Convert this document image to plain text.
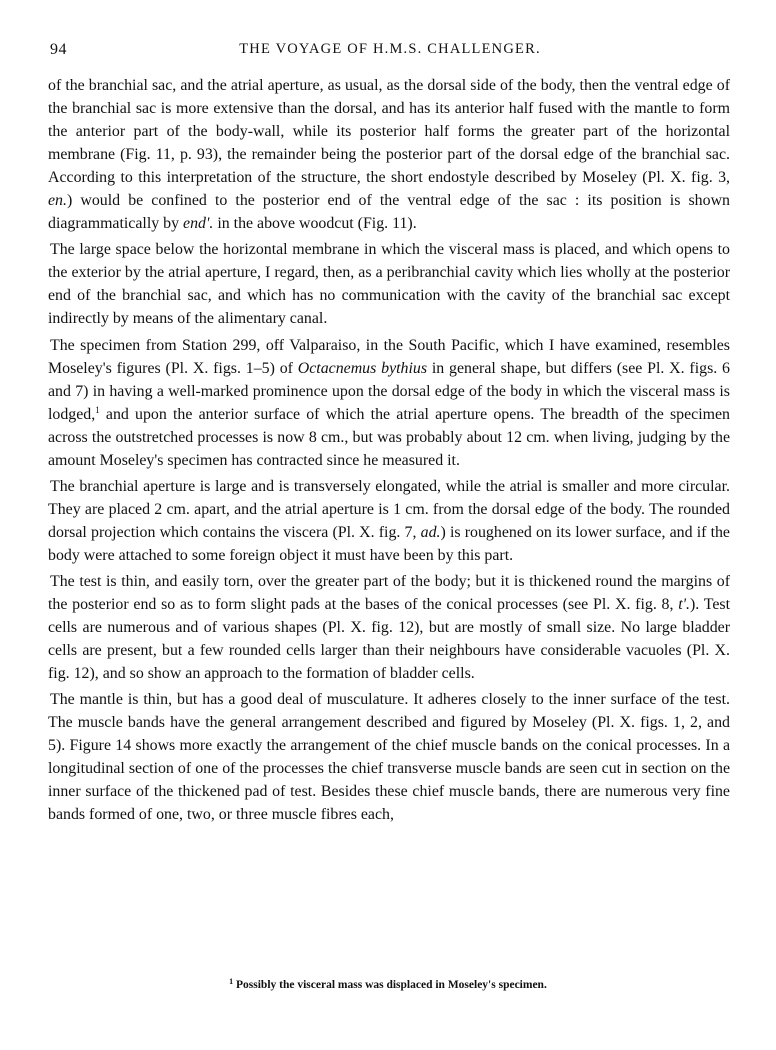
94	THE VOYAGE OF H.M.S. CHALLENGER.

of the branchial sac, and the atrial aperture, as usual, as the dorsal side of the body, then the ventral edge of the branchial sac is more extensive than the dorsal, and has its anterior half fused with the mantle to form the anterior part of the body-wall, while its posterior half forms the greater part of the horizontal membrane (Fig. 11, p. 93), the remainder being the posterior part of the dorsal edge of the branchial sac. According to this interpretation of the structure, the short endostyle described by Moseley (Pl. X. fig. 3, en.) would be confined to the posterior end of the ventral edge of the sac : its position is shown diagrammatically by end'. in the above woodcut (Fig. 11).

The large space below the horizontal membrane in which the visceral mass is placed, and which opens to the exterior by the atrial aperture, I regard, then, as a peribranchial cavity which lies wholly at the posterior end of the branchial sac, and which has no communication with the cavity of the branchial sac except indirectly by means of the alimentary canal.

The specimen from Station 299, off Valparaiso, in the South Pacific, which I have examined, resembles Moseley's figures (Pl. X. figs. 1–5) of Octacnemus bythius in general shape, but differs (see Pl. X. figs. 6 and 7) in having a well-marked prominence upon the dorsal edge of the body in which the visceral mass is lodged,$^1$ and upon the anterior surface of which the atrial aperture opens. The breadth of the specimen across the outstretched processes is now 8 cm., but was probably about 12 cm. when living, judging by the amount Moseley's specimen has contracted since he measured it.

The branchial aperture is large and is transversely elongated, while the atrial is smaller and more circular. They are placed 2 cm. apart, and the atrial aperture is 1 cm. from the dorsal edge of the body. The rounded dorsal projection which contains the viscera (Pl. X. fig. 7, ad.) is roughened on its lower surface, and if the body were attached to some foreign object it must have been by this part.

The test is thin, and easily torn, over the greater part of the body; but it is thickened round the margins of the posterior end so as to form slight pads at the bases of the conical processes (see Pl. X. fig. 8, t'.). Test cells are numerous and of various shapes (Pl. X. fig. 12), but are mostly of small size. No large bladder cells are present, but a few rounded cells larger than their neighbours have considerable vacuoles (Pl. X. fig. 12), and so show an approach to the formation of bladder cells.

The mantle is thin, but has a good deal of musculature. It adheres closely to the inner surface of the test. The muscle bands have the general arrangement described and figured by Moseley (Pl. X. figs. 1, 2, and 5). Figure 14 shows more exactly the arrangement of the chief muscle bands on the conical processes. In a longitudinal section of one of the processes the chief transverse muscle bands are seen cut in section on the inner surface of the thickened pad of test. Besides these chief muscle bands, there are numerous very fine bands formed of one, two, or three muscle fibres each,

$^1$ Possibly the visceral mass was displaced in Moseley's specimen.
